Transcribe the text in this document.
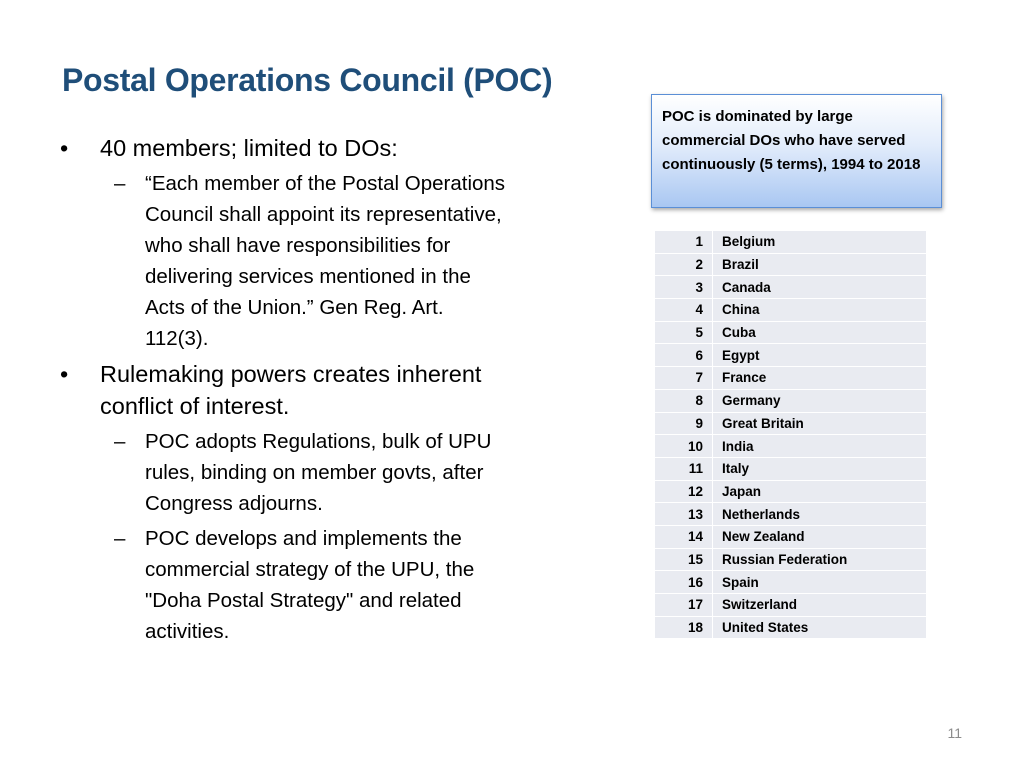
Postal Operations Council (POC)
• 40 members; limited to DOs:
– “Each member of the Postal Operations Council shall appoint its representative, who shall have responsibilities for delivering services mentioned in the Acts of the Union.” Gen Reg. Art. 112(3).
• Rulemaking powers creates inherent conflict of interest.
– POC adopts Regulations, bulk of UPU rules, binding on member govts, after Congress adjourns.
– POC develops and implements the commercial strategy of the UPU, the "Doha Postal Strategy" and related activities.
POC is dominated by large commercial DOs who have served continuously (5 terms), 1994 to 2018
1	Belgium
2	Brazil
3	Canada
4	China
5	Cuba
6	Egypt
7	France
8	Germany
9	Great Britain
10	India
11	Italy
12	Japan
13	Netherlands
14	New Zealand
15	Russian Federation
16	Spain
17	Switzerland
18	United States
11
